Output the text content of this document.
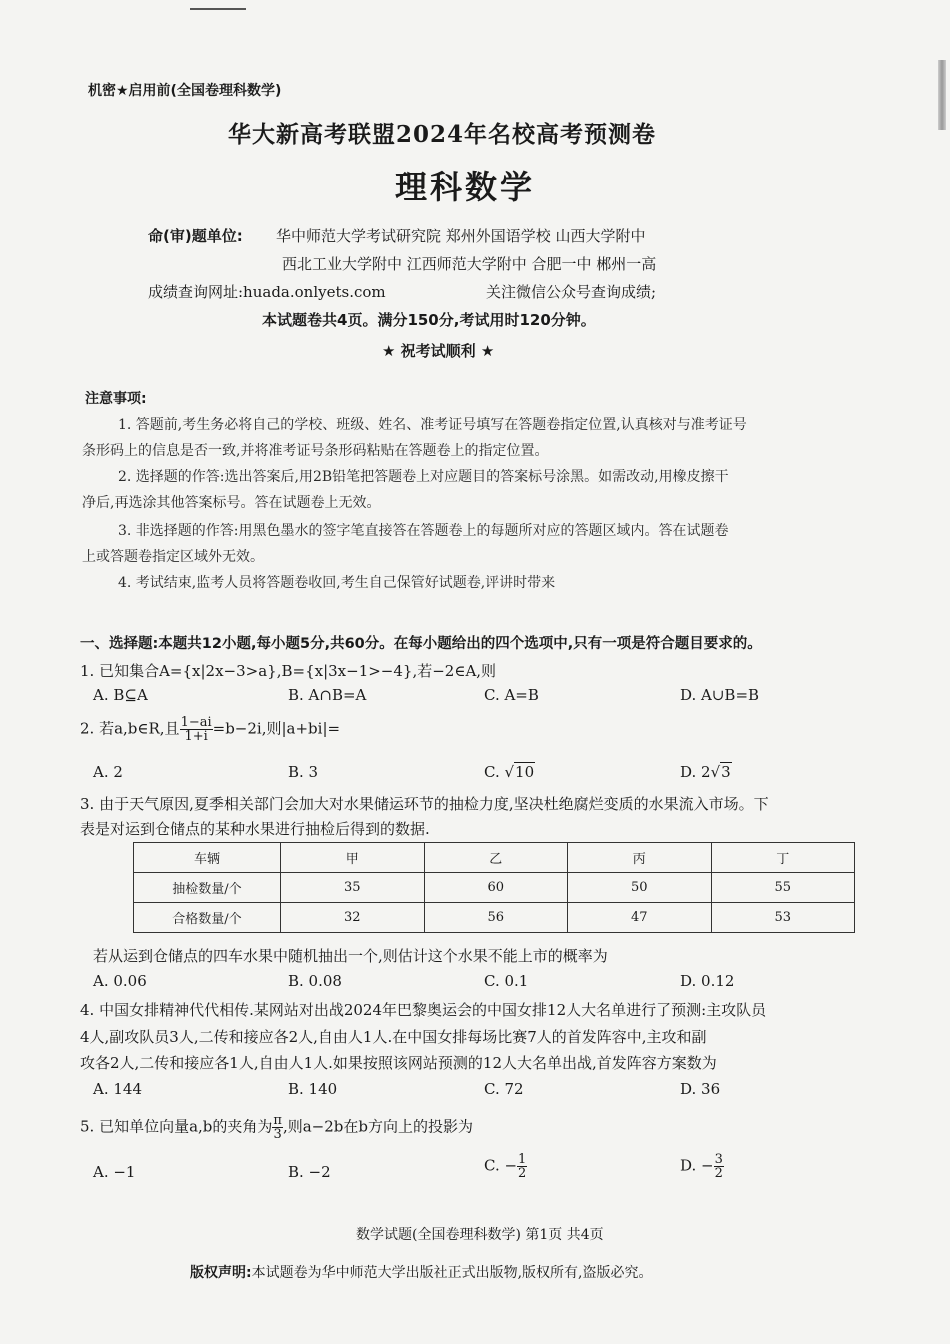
机密★启用前(全国卷理科数学)
华大新高考联盟2024年名校高考预测卷
理科数学
命(审)题单位: 华中师范大学考试研究院 郑州外国语学校 山西大学附中
西北工业大学附中 江西师范大学附中 合肥一中 郴州一高
成绩查询网址:huada.onlyets.com	关注微信公众号查询成绩;
本试题卷共4页。满分150分,考试用时120分钟。
★ 祝考试顺利 ★
注意事项:
1. 答题前,考生务必将自己的学校、班级、姓名、准考证号填写在答题卷指定位置,认真核对与准考证号
条形码上的信息是否一致,并将准考证号条形码粘贴在答题卷上的指定位置。
2. 选择题的作答:选出答案后,用2B铅笔把答题卷上对应题目的答案标号涂黑。如需改动,用橡皮擦干
净后,再选涂其他答案标号。答在试题卷上无效。
3. 非选择题的作答:用黑色墨水的签字笔直接答在答题卷上的每题所对应的答题区域内。答在试题卷
上或答题卷指定区域外无效。
4. 考试结束,监考人员将答题卷收回,考生自己保管好试题卷,评讲时带来
一、选择题:本题共12小题,每小题5分,共60分。在每小题给出的四个选项中,只有一项是符合题目要求的。
1. 已知集合A={x|2x−3>a},B={x|3x−1>−4},若−2∈A,则
A. B⊆A	B. A∩B=A	C. A=B	D. A∪B=B
2. 若a,b∈R,且 $\frac{1-ai}{1+i} =b-2i$,则|a+bi|=
A. 2	B. 3	C. √10	D. 2√3
3. 由于天气原因,夏季相关部门会加大对水果储运环节的抽检力度,坚决杜绝腐烂变质的水果流入市场。下
表是对运到仓储点的某种水果进行抽检后得到的数据.
车辆	甲	乙	丙	丁
抽检数量/个	35	60	50	55
合格数量/个	32	56	47	53
若从运到仓储点的四车水果中随机抽出一个,则估计这个水果不能上市的概率为
A. 0.06	B. 0.08	C. 0.1	D. 0.12
4. 中国女排精神代代相传.某网站对出战2024年巴黎奥运会的中国女排12人大名单进行了预测:主攻队员
4人,副攻队员3人,二传和接应各2人,自由人1人.在中国女排每场比赛7人的首发阵容中,主攻和副
攻各2人,二传和接应各1人,自由人1人.如果按照该网站预测的12人大名单出战,首发阵容方案数为
A. 144	B. 140	C. 72	D. 36
5. 已知单位向量a,b的夹角为 $\frac{\pi}{3}$ ,则a−2b在b方向上的投影为
A. −1	B. −2	C. − $\frac{1}{2}$	D. − $\frac{3}{2}$
数学试题(全国卷理科数学) 第1页 共4页
版权声明:本试题卷为华中师范大学出版社正式出版物,版权所有,盗版必究。
